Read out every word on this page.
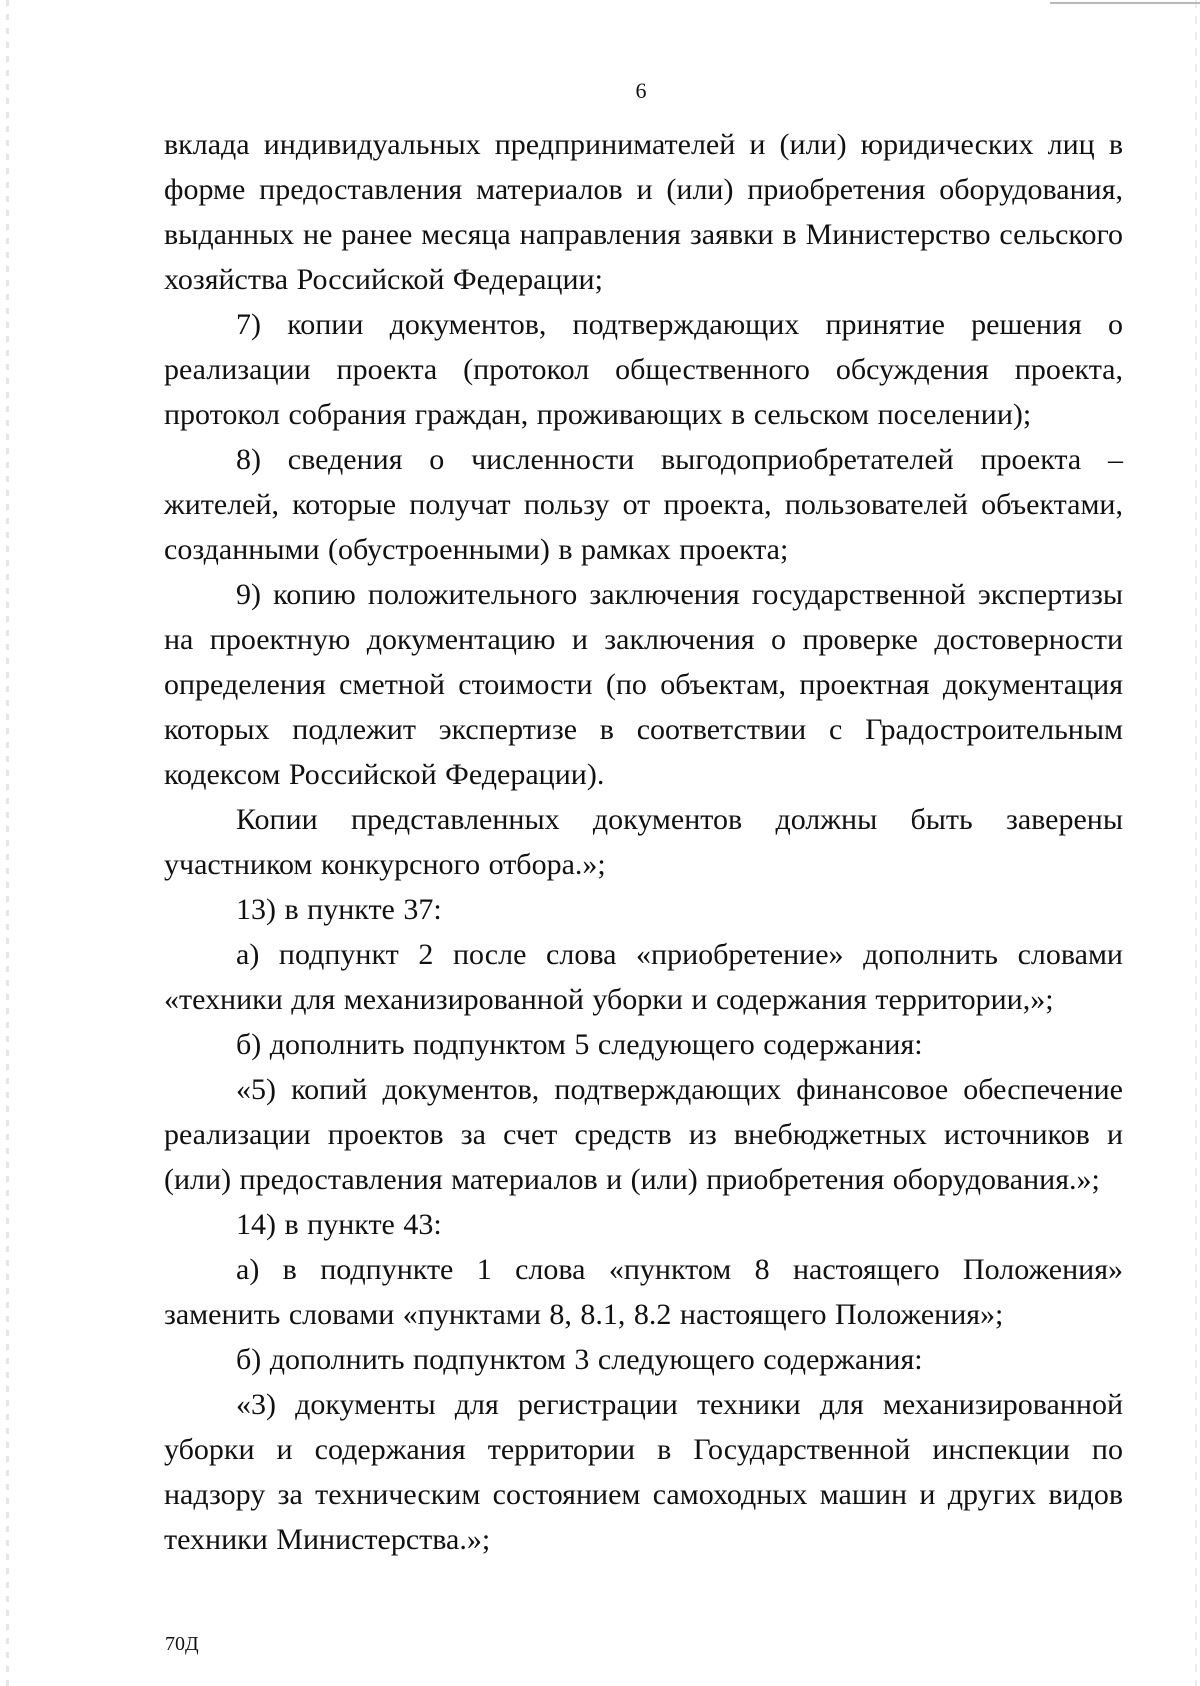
6

вклада индивидуальных предпринимателей и (или) юридических лиц в форме предоставления материалов и (или) приобретения оборудования, выданных не ранее месяца направления заявки в Министерство сельского хозяйства Российской Федерации;

7) копии документов, подтверждающих принятие решения о реализации проекта (протокол общественного обсуждения проекта, протокол собрания граждан, проживающих в сельском поселении);

8) сведения о численности выгодоприобретателей проекта – жителей, которые получат пользу от проекта, пользователей объектами, созданными (обустроенными) в рамках проекта;

9) копию положительного заключения государственной экспертизы на проектную документацию и заключения о проверке достоверности определения сметной стоимости (по объектам, проектная документация которых подлежит экспертизе в соответствии с Градостроительным кодексом Российской Федерации).

Копии представленных документов должны быть заверены участником конкурсного отбора.»;

13) в пункте 37:

а) подпункт 2 после слова «приобретение» дополнить словами «техники для механизированной уборки и содержания территории,»;

б) дополнить подпунктом 5 следующего содержания:

«5) копий документов, подтверждающих финансовое обеспечение реализации проектов за счет средств из внебюджетных источников и (или) предоставления материалов и (или) приобретения оборудования.»;

14) в пункте 43:

а) в подпункте 1 слова «пунктом 8 настоящего Положения» заменить словами «пунктами 8, 8.1, 8.2 настоящего Положения»;

б) дополнить подпунктом 3 следующего содержания:

«3) документы для регистрации техники для механизированной уборки и содержания территории в Государственной инспекции по надзору за техническим состоянием самоходных машин и других видов техники Министерства.»;

70Д
